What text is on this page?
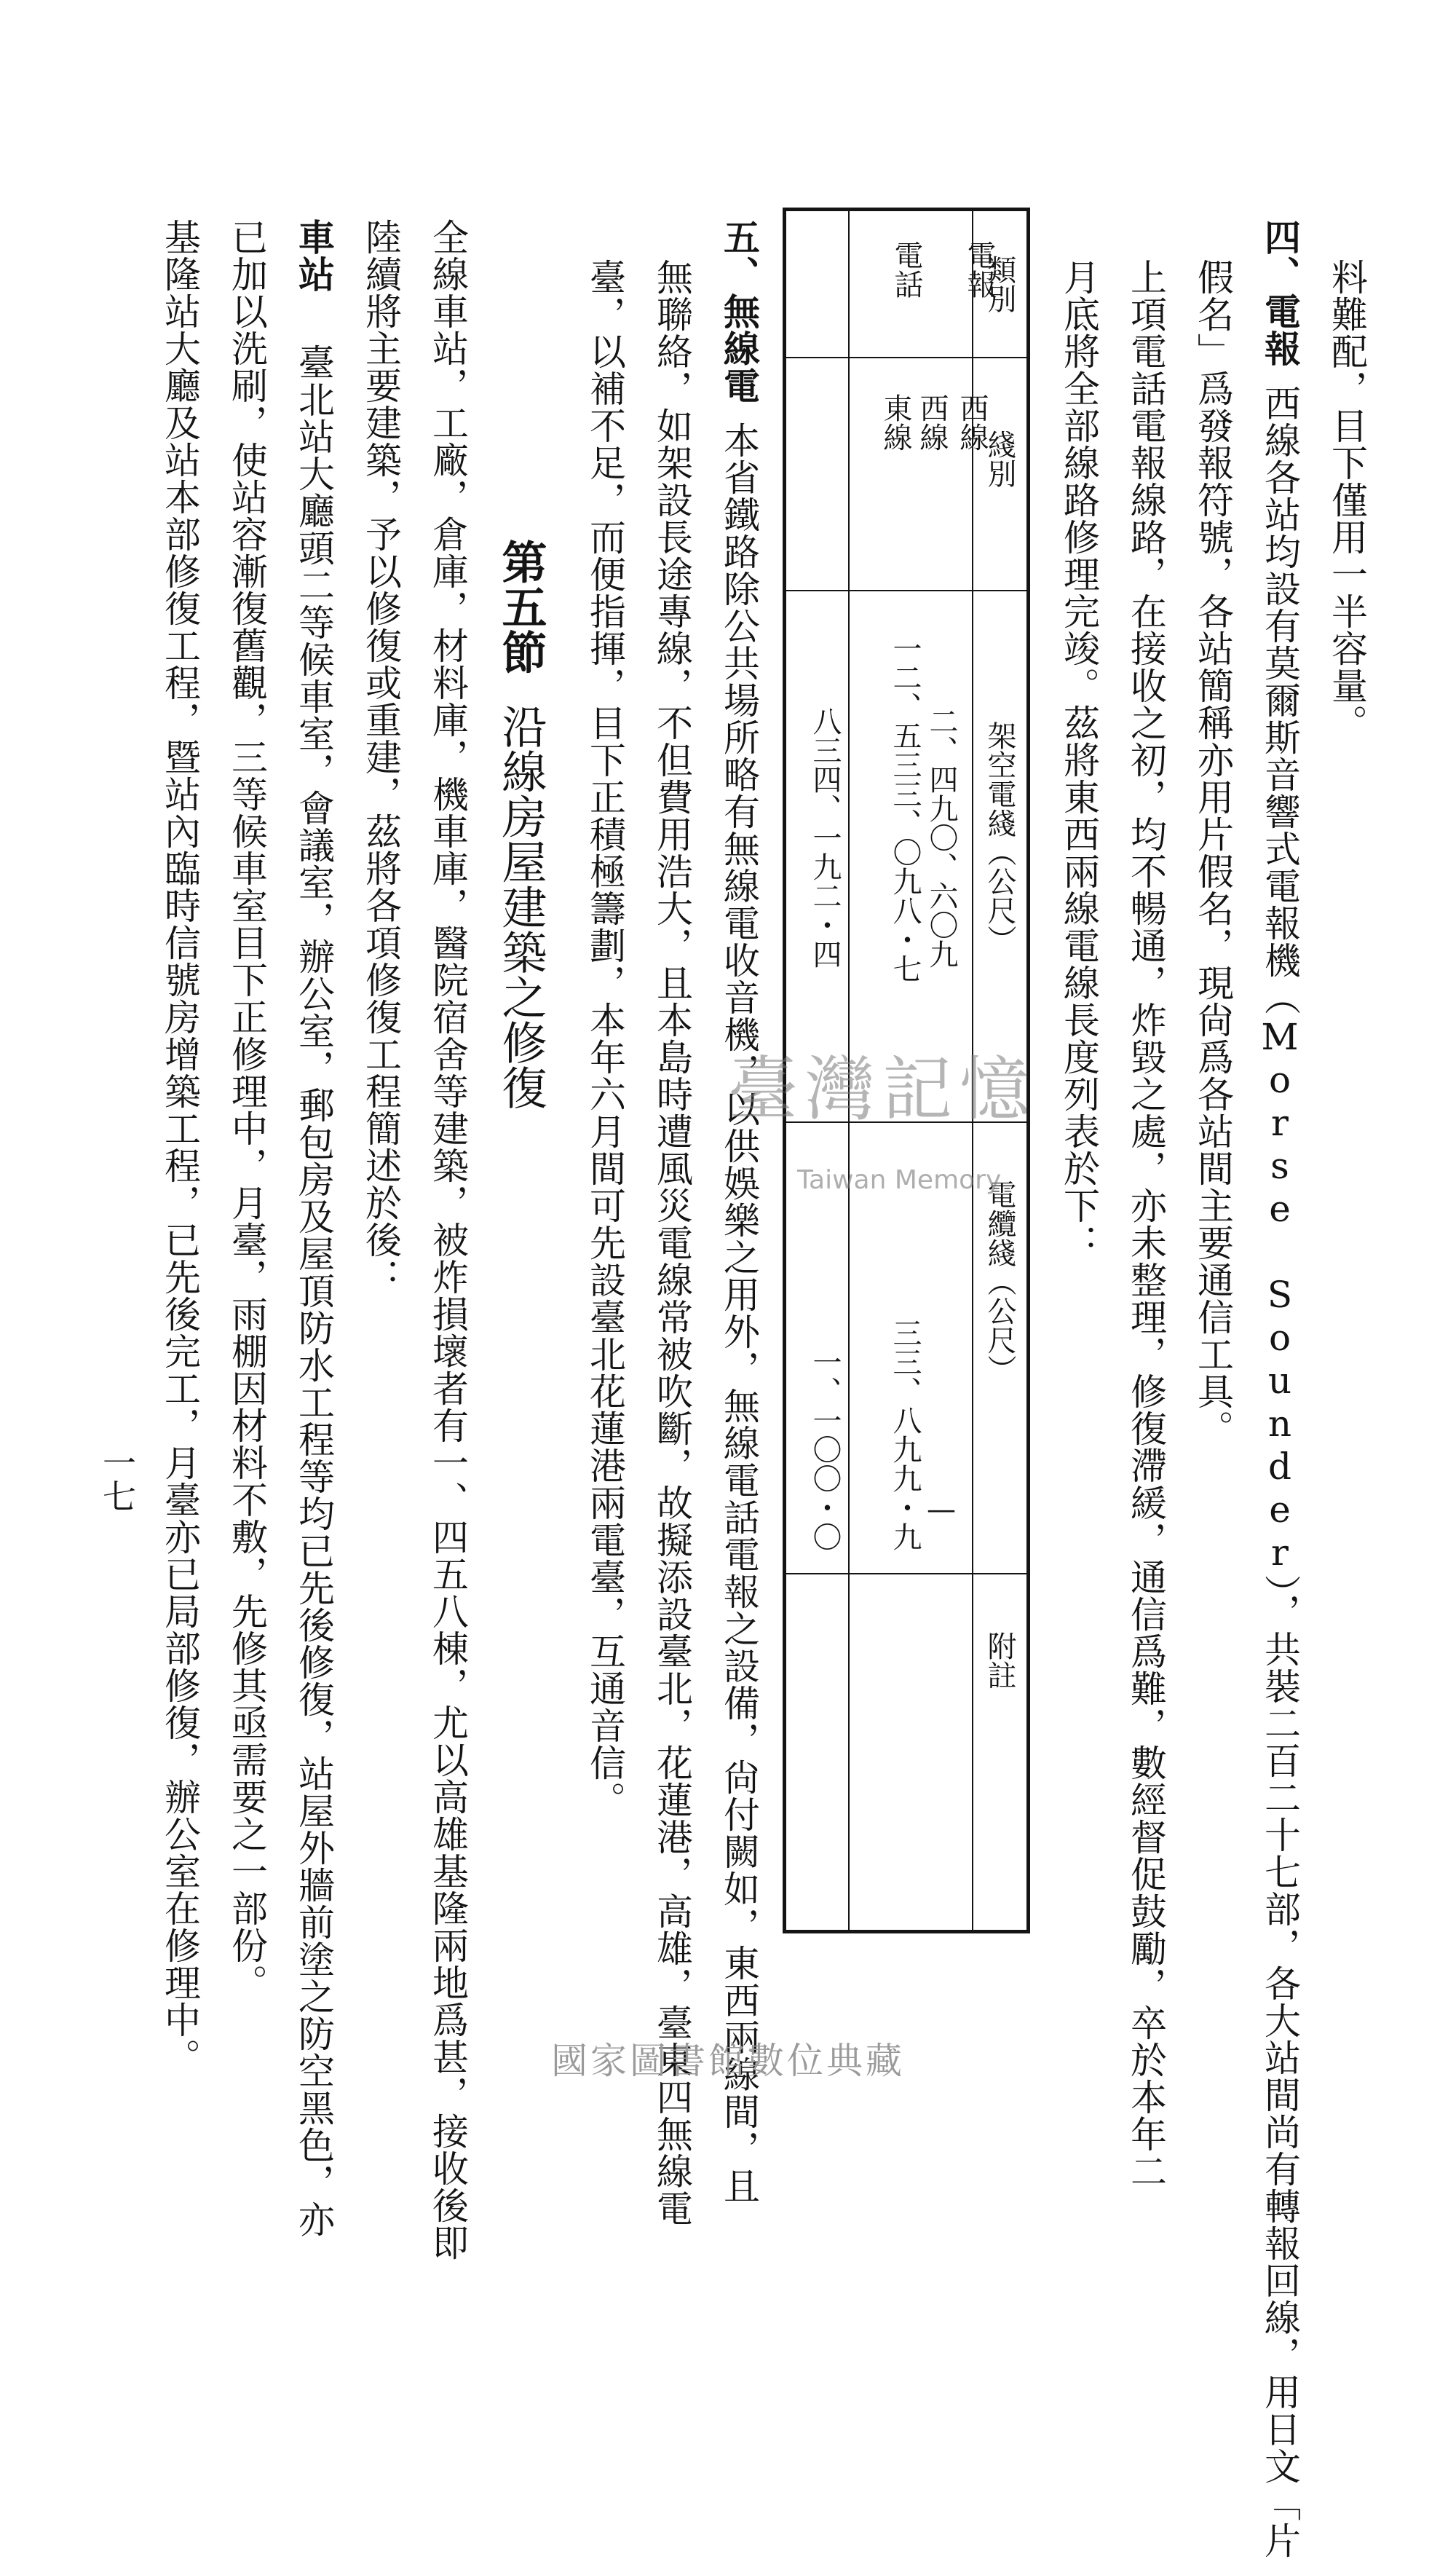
料難配，目下僅用一半容量。
四、電報西線各站均設有莫爾斯音響式電報機（Morse Sounder），共裝二百二十七部，各大站間尚有轉報回線，用日文「片
假名」爲發報符號，各站簡稱亦用片假名，現尙爲各站間主要通信工具。
上項電話電報線路，在接收之初，均不暢通，炸毀之處，亦未整理，修復滯緩，通信爲難，數經督促鼓勵，卒於本年二
月底將全部線路修理完竣。茲將東西兩線電線長度列表於下：
類別
綫別
架空電綫（公尺）
電纜綫（公尺）
附註
電報
西線
西線
二、四九〇、六〇九
—
電話
東線
一二、五三三、〇九八・七
三三、八九九・九
八三四、一九二・四
一、一〇〇・〇
五、無線電本省鐵路除公共場所略有無線電收音機，以供娛樂之用外，無線電話電報之設備，尙付闕如，東西兩線間，且
無聯絡，如架設長途專線，不但費用浩大，且本島時遭風災電線常被吹斷，故擬添設臺北，花蓮港，高雄，臺東四無線電
臺，以補不足，而便指揮，目下正積極籌劃，本年六月間可先設臺北花蓮港兩電臺，互通音信。
第五節沿線房屋建築之修復
全線車站，工廠，倉庫，材料庫，機車庫，醫院宿舍等建築，被炸損壞者有一、四五八棟，尤以高雄基隆兩地爲甚，接收後即
陸續將主要建築，予以修復或重建，茲將各項修復工程簡述於後：
車站臺北站大廳頭二等候車室，會議室，辦公室，郵包房及屋頂防水工程等均已先後修復，站屋外牆前塗之防空黑色，亦
已加以洗刷，使站容漸復舊觀，三等候車室目下正修理中，月臺，雨棚因材料不敷，先修其亟需要之一部份。
基隆站大廳及站本部修復工程，暨站內臨時信號房增築工程，已先後完工，月臺亦已局部修復，辦公室在修理中。
一七
臺灣記憶
Taiwan Memory
國家圖書館數位典藏
